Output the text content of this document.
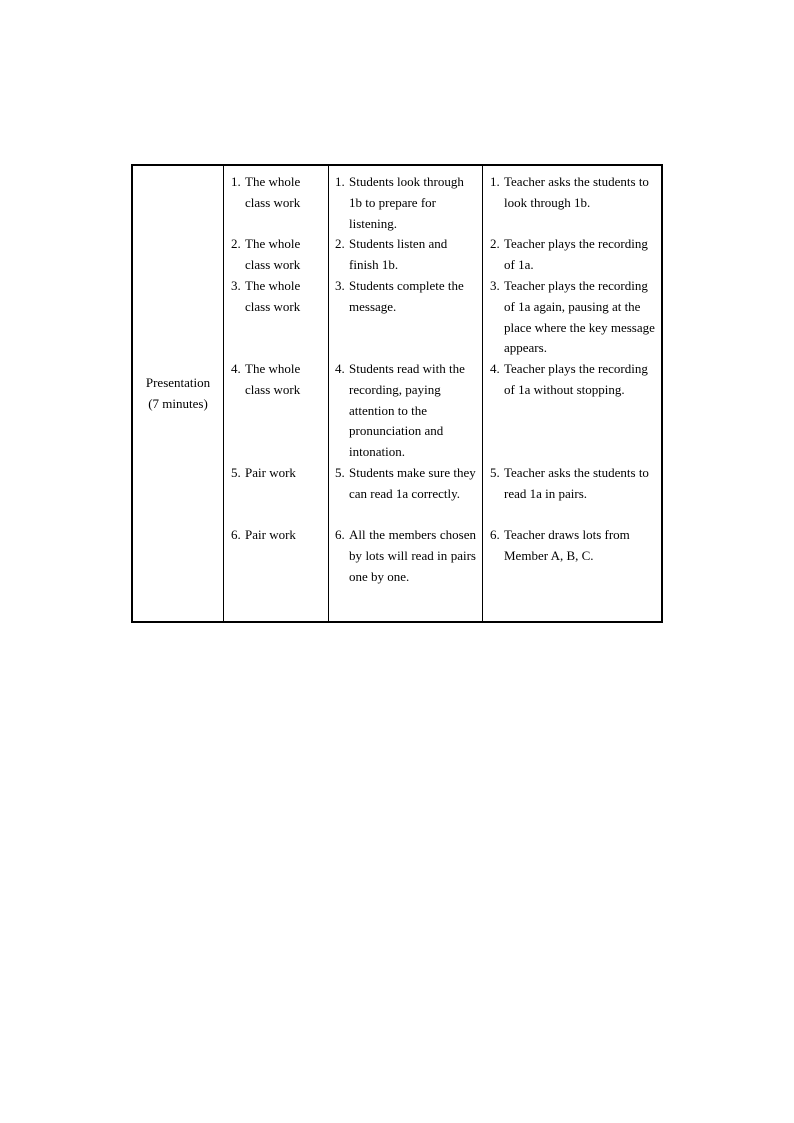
Presentation
(7 minutes)
1. The whole class work
2. The whole class work
3. The whole class work
4. The whole class work
5. Pair work
6. Pair work
1. Students look through 1b to prepare for listening.
2. Students listen and finish 1b.
3. Students complete the message.
4. Students read with the recording, paying attention to the pronunciation and intonation.
5. Students make sure they can read 1a correctly.
6. All the members chosen by lots will read in pairs one by one.
1. Teacher asks the students to look through 1b.
2. Teacher plays the recording of 1a.
3. Teacher plays the recording of 1a again, pausing at the place where the key message appears.
4. Teacher plays the recording of 1a without stopping.
5. Teacher asks the students to read 1a in pairs.
6. Teacher draws lots from Member A, B, C.
